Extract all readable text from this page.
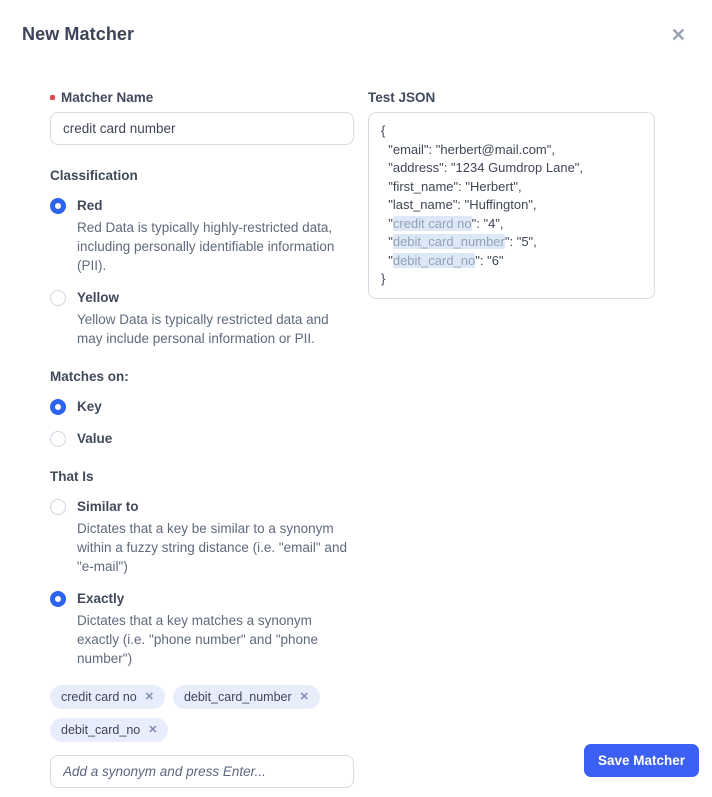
New Matcher	✕
Matcher Name
credit card number
Classification
Red
Red Data is typically highly-restricted data, including personally identifiable information (PII).
Yellow
Yellow Data is typically restricted data and may include personal information or PII.
Matches on:
Key
Value
That Is
Similar to
Dictates that a key be similar to a synonym within a fuzzy string distance (i.e. "email" and "e-mail")
Exactly
Dictates that a key matches a synonym exactly (i.e. "phone number" and "phone number")
credit card no ✕ debit_card_number ✕
debit_card_no ✕
Add a synonym and press Enter...
Test JSON
{
"email": "herbert@mail.com",
"address": "1234 Gumdrop Lane",
"first_name": "Herbert",
"last_name": "Huffington",
"credit card no": "4",
"debit_card_number": "5",
"debit_card_no": "6"
}
Save Matcher
